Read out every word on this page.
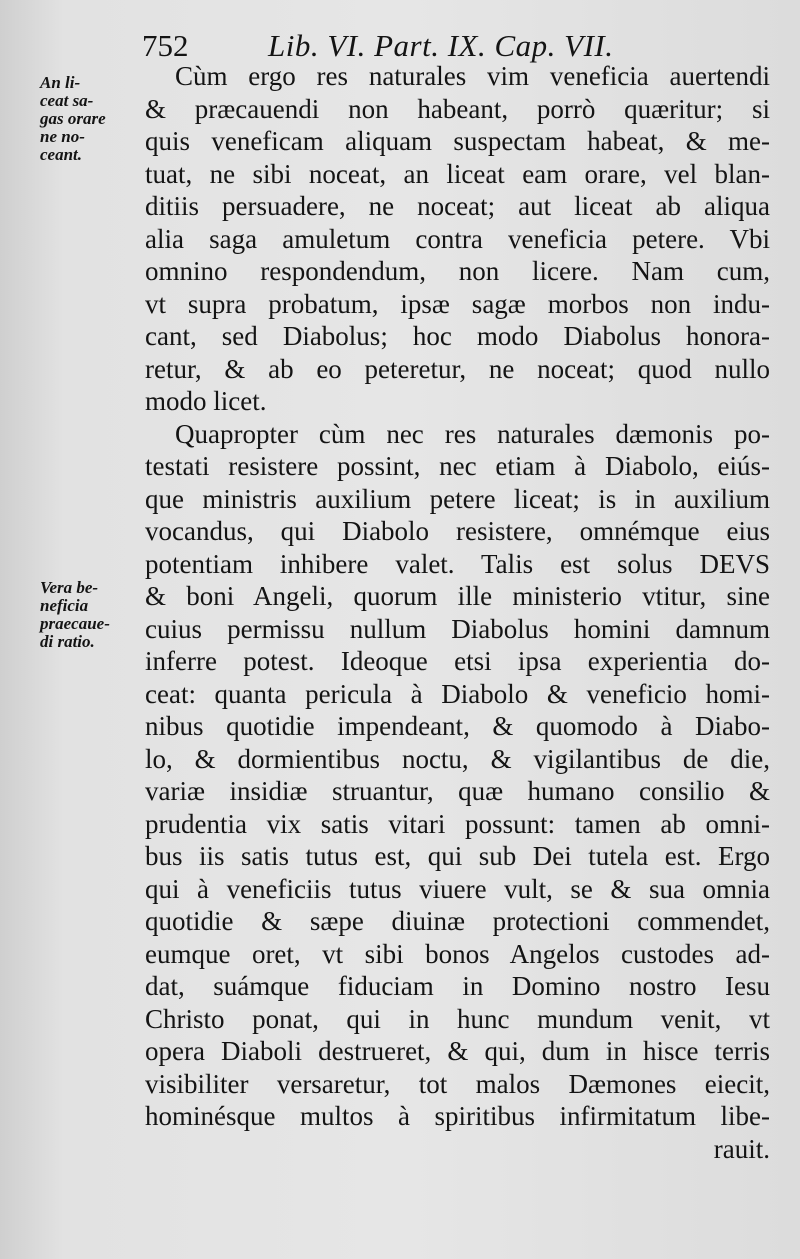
752	Lib. VI. Part. IX. Cap. VII.
An li-
ceat sa-
gas orare
ne no-
ceant.
Vera be-
neficia
praecaue-
di ratio.
Cùm ergo res naturales vim veneficia auertendi
& præcauendi non habeant, porrò quæritur; si
quis veneficam aliquam suspectam habeat, & me-
tuat, ne sibi noceat, an liceat eam orare, vel blan-
ditiis persuadere, ne noceat; aut liceat ab aliqua
alia saga amuletum contra veneficia petere. Vbi
omnino respondendum, non licere. Nam cum,
vt supra probatum, ipsæ sagæ morbos non indu-
cant, sed Diabolus; hoc modo Diabolus honora-
retur, & ab eo peteretur, ne noceat; quod nullo
modo licet.
Quapropter cùm nec res naturales dæmonis po-
testati resistere possint, nec etiam à Diabolo, eiús-
que ministris auxilium petere liceat; is in auxilium
vocandus, qui Diabolo resistere, omnémque eius
potentiam inhibere valet. Talis est solus DEVS
& boni Angeli, quorum ille ministerio vtitur, sine
cuius permissu nullum Diabolus homini damnum
inferre potest. Ideoque etsi ipsa experientia do-
ceat: quanta pericula à Diabolo & veneficio homi-
nibus quotidie impendeant, & quomodo à Diabo-
lo, & dormientibus noctu, & vigilantibus de die,
variæ insidiæ struantur, quæ humano consilio &
prudentia vix satis vitari possunt: tamen ab omni-
bus iis satis tutus est, qui sub Dei tutela est. Ergo
qui à veneficiis tutus viuere vult, se & sua omnia
quotidie & sæpe diuinæ protectioni commendet,
eumque oret, vt sibi bonos Angelos custodes ad-
dat, suámque fiduciam in Domino nostro Iesu
Christo ponat, qui in hunc mundum venit, vt
opera Diaboli destrueret, & qui, dum in hisce terris
visibiliter versaretur, tot malos Dæmones eiecit,
hominésque multos à spiritibus infirmitatum libe-
rauit.
